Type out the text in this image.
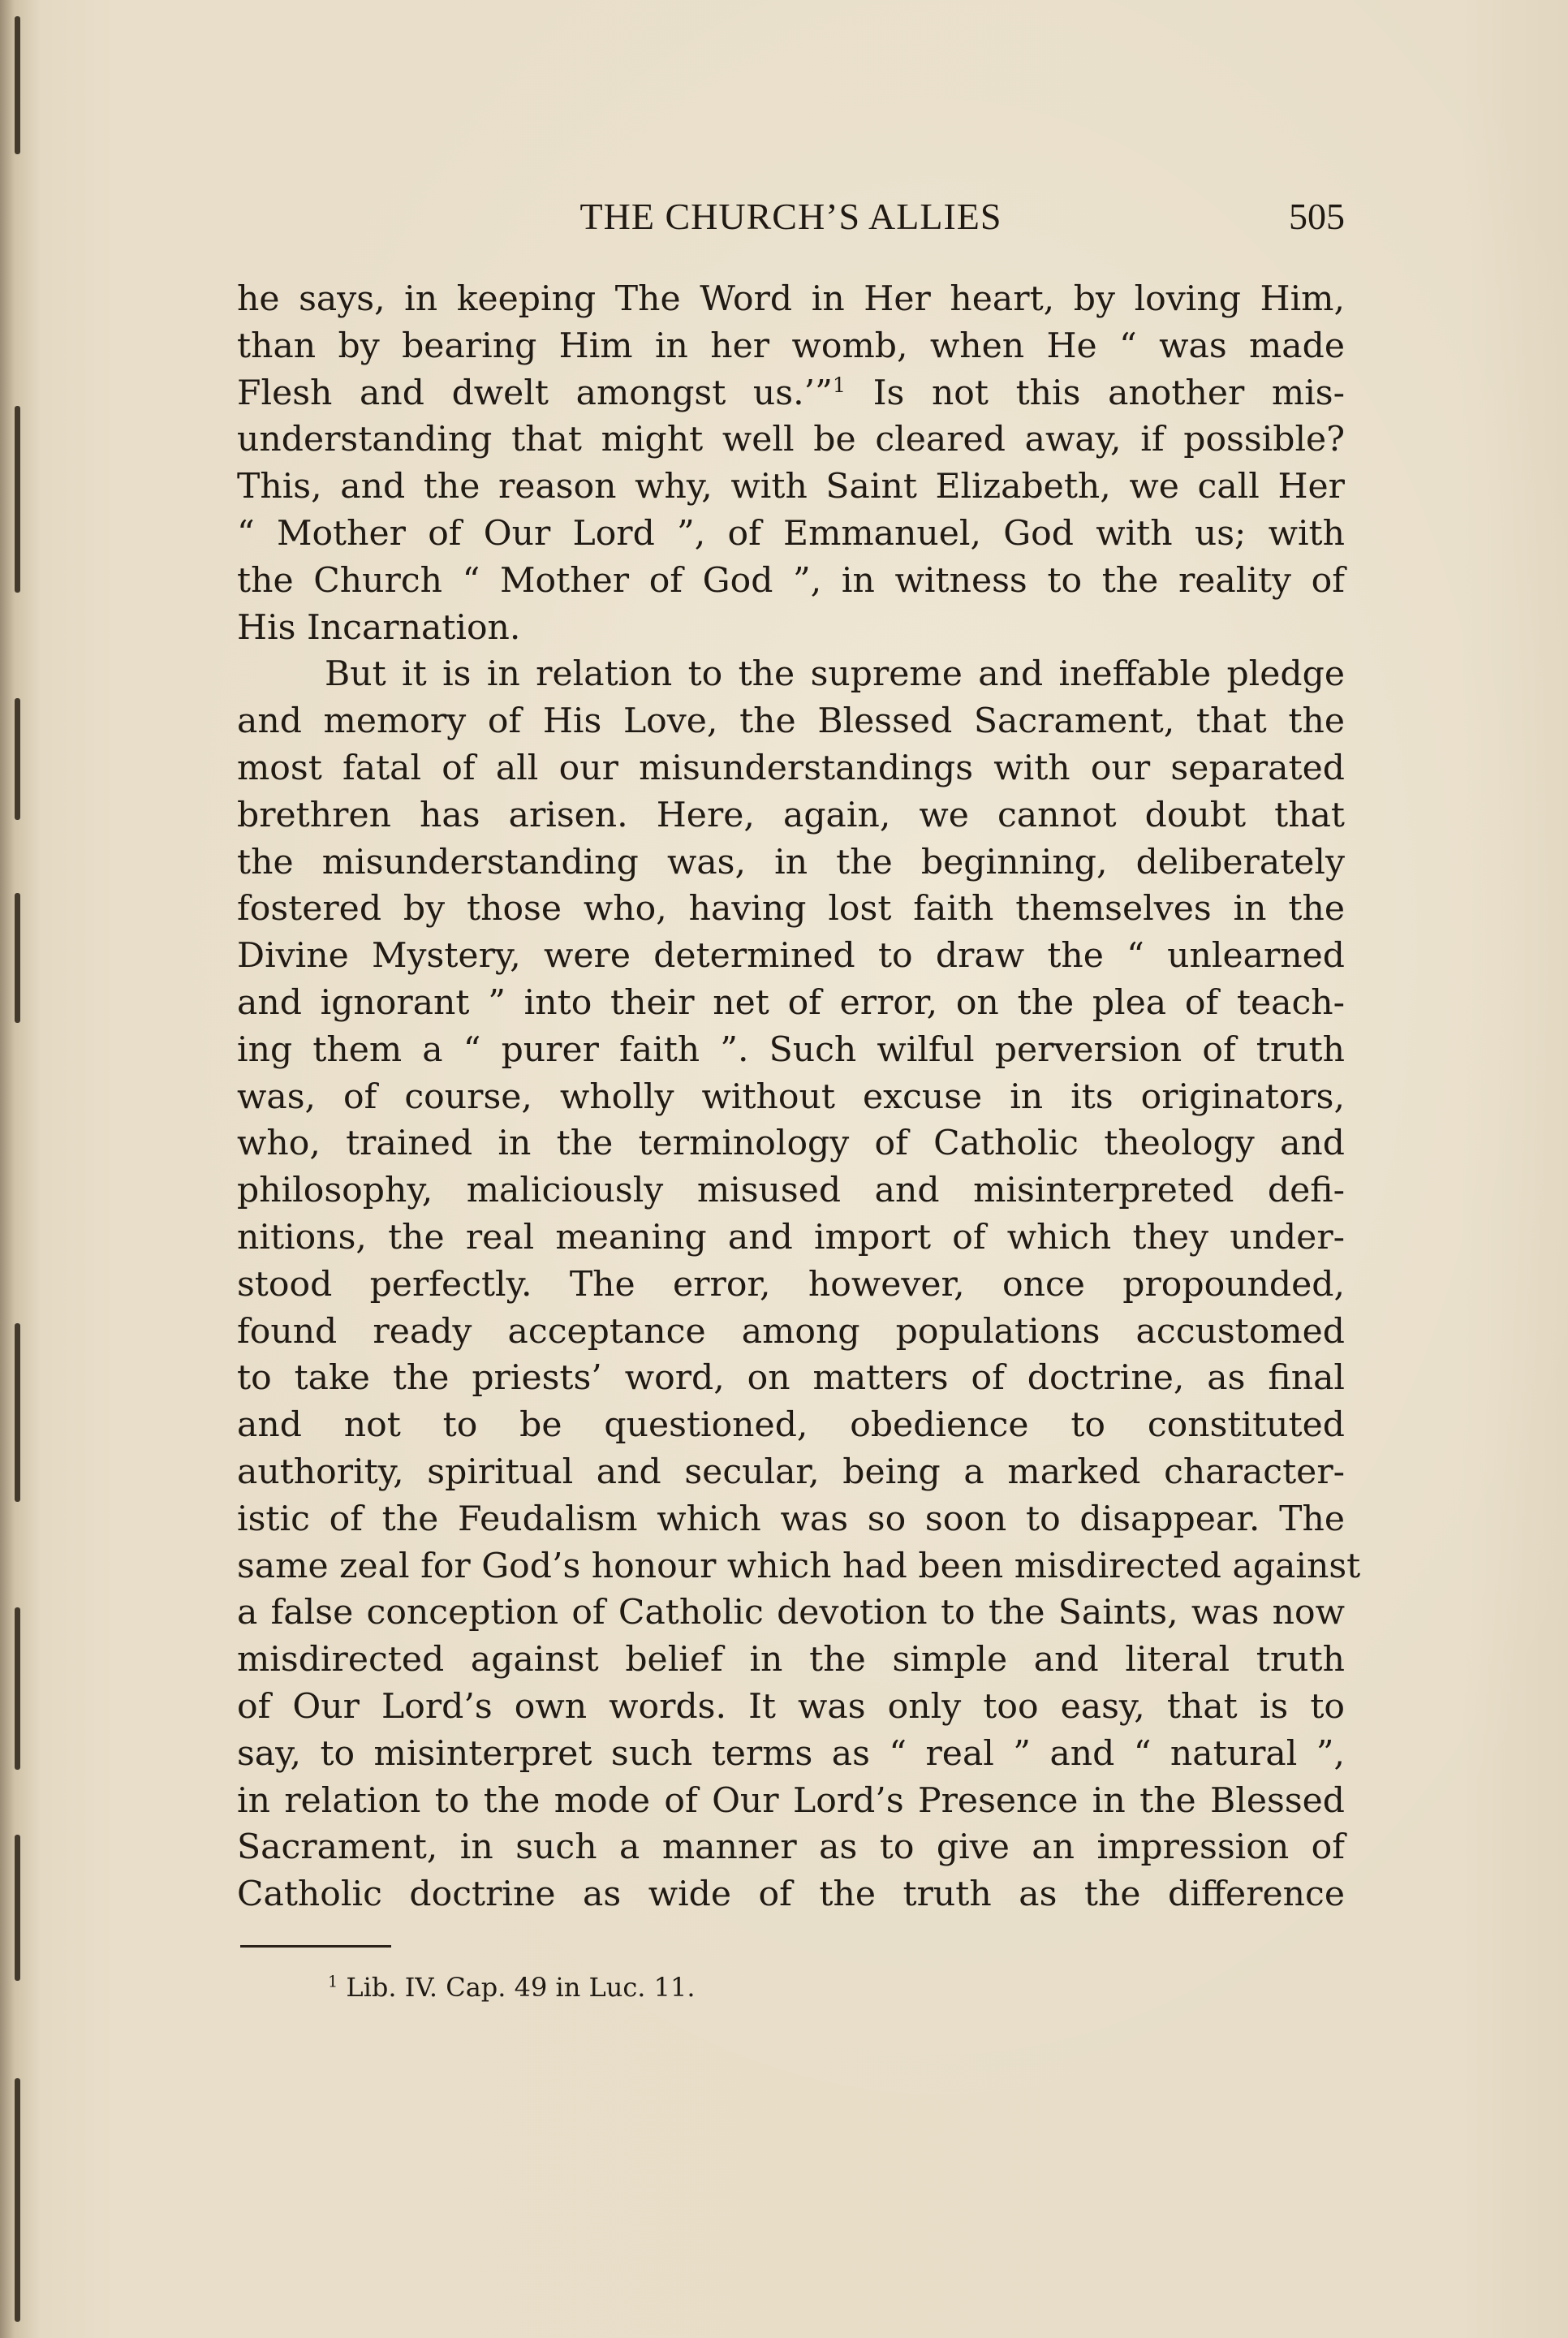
THE CHURCH’S ALLIES	505
he says, in keeping The Word in Her heart, by loving Him,
than by bearing Him in her womb, when He “ was made
Flesh and dwelt amongst us.’”$^1$ Is not this another mis-
understanding that might well be cleared away, if possible?
This, and the reason why, with Saint Elizabeth, we call Her
“ Mother of Our Lord ”, of Emmanuel, God with us; with
the Church “ Mother of God ”, in witness to the reality of
His Incarnation.
But it is in relation to the supreme and ineffable pledge
and memory of His Love, the Blessed Sacrament, that the
most fatal of all our misunderstandings with our separated
brethren has arisen. Here, again, we cannot doubt that
the misunderstanding was, in the beginning, deliberately
fostered by those who, having lost faith themselves in the
Divine Mystery, were determined to draw the “ unlearned
and ignorant ” into their net of error, on the plea of teach-
ing them a “ purer faith ”. Such wilful perversion of truth
was, of course, wholly without excuse in its originators,
who, trained in the terminology of Catholic theology and
philosophy, maliciously misused and misinterpreted defi-
nitions, the real meaning and import of which they under-
stood perfectly. The error, however, once propounded,
found ready acceptance among populations accustomed
to take the priests’ word, on matters of doctrine, as final
and not to be questioned, obedience to constituted
authority, spiritual and secular, being a marked character-
istic of the Feudalism which was so soon to disappear. The
same zeal for God’s honour which had been misdirected against
a false conception of Catholic devotion to the Saints, was now
misdirected against belief in the simple and literal truth
of Our Lord’s own words. It was only too easy, that is to
say, to misinterpret such terms as “ real ” and “ natural ”,
in relation to the mode of Our Lord’s Presence in the Blessed
Sacrament, in such a manner as to give an impression of
Catholic doctrine as wide of the truth as the difference
$^1$ Lib. IV. Cap. 49 in Luc. 11.
